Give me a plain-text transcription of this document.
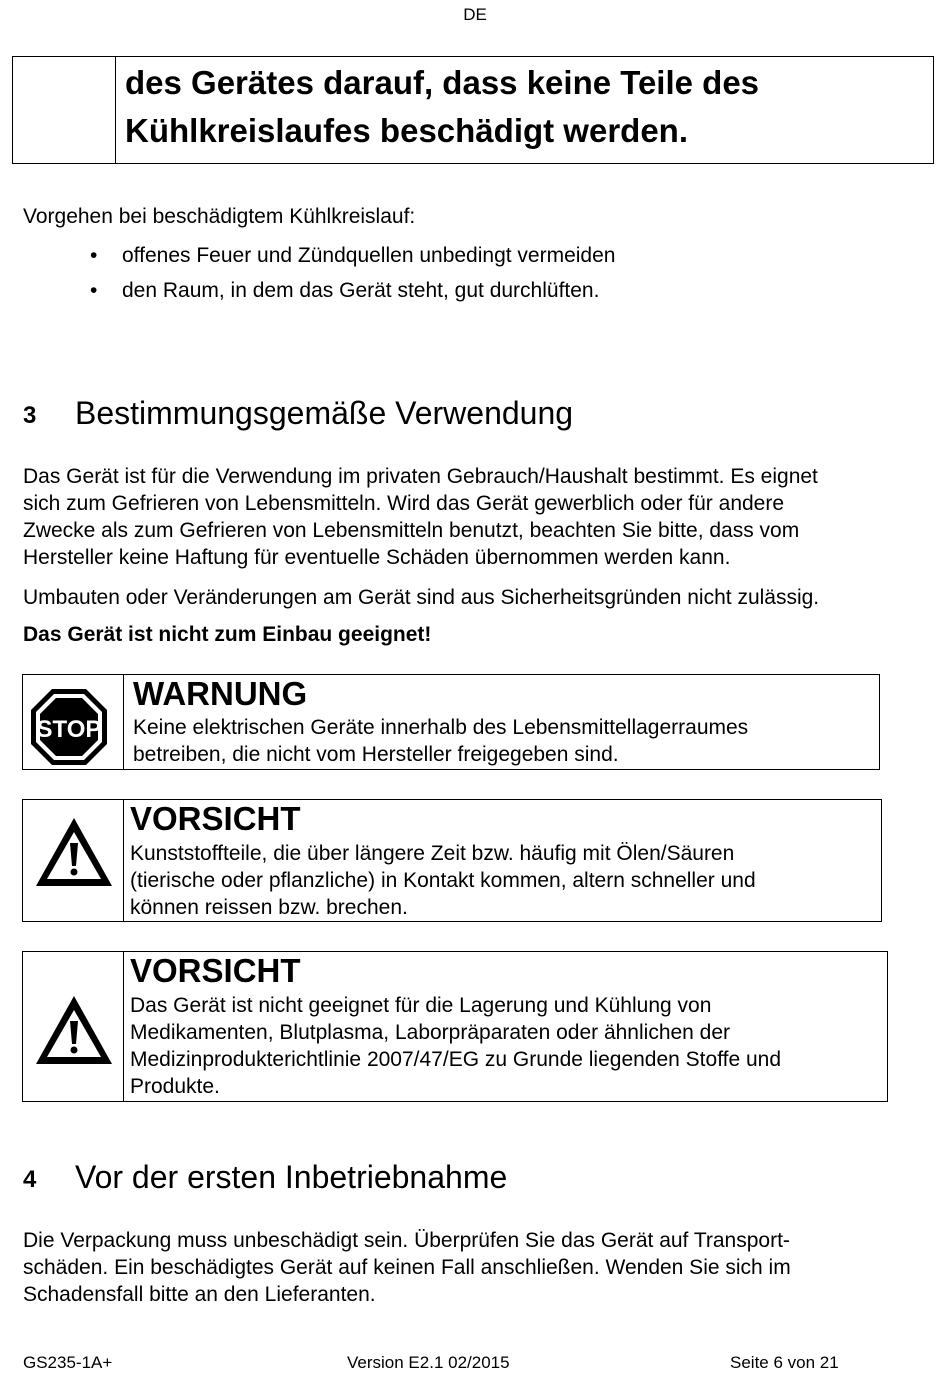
DE
des Gerätes darauf, dass keine Teile des
Kühlkreislaufes beschädigt werden.
Vorgehen bei beschädigtem Kühlkreislauf:
• offenes Feuer und Zündquellen unbedingt vermeiden
• den Raum, in dem das Gerät steht, gut durchlüften.
3 Bestimmungsgemäße Verwendung
Das Gerät ist für die Verwendung im privaten Gebrauch/Haushalt bestimmt. Es eignet
sich zum Gefrieren von Lebensmitteln. Wird das Gerät gewerblich oder für andere
Zwecke als zum Gefrieren von Lebensmitteln benutzt, beachten Sie bitte, dass vom
Hersteller keine Haftung für eventuelle Schäden übernommen werden kann.
Umbauten oder Veränderungen am Gerät sind aus Sicherheitsgründen nicht zulässig.
Das Gerät ist nicht zum Einbau geeignet!
STOP
WARNUNG
Keine elektrischen Geräte innerhalb des Lebensmittellagerraumes
betreiben, die nicht vom Hersteller freigegeben sind.
VORSICHT
Kunststoffteile, die über längere Zeit bzw. häufig mit Ölen/Säuren
(tierische oder pflanzliche) in Kontakt kommen, altern schneller und
können reissen bzw. brechen.
VORSICHT
Das Gerät ist nicht geeignet für die Lagerung und Kühlung von
Medikamenten, Blutplasma, Laborpräparaten oder ähnlichen der
Medizinprodukterichtlinie 2007/47/EG zu Grunde liegenden Stoffe und
Produkte.
4 Vor der ersten Inbetriebnahme
Die Verpackung muss unbeschädigt sein. Überprüfen Sie das Gerät auf Transport-
schäden. Ein beschädigtes Gerät auf keinen Fall anschließen. Wenden Sie sich im
Schadensfall bitte an den Lieferanten.
GS235-1A+	Version E2.1 02/2015	Seite 6 von 21
